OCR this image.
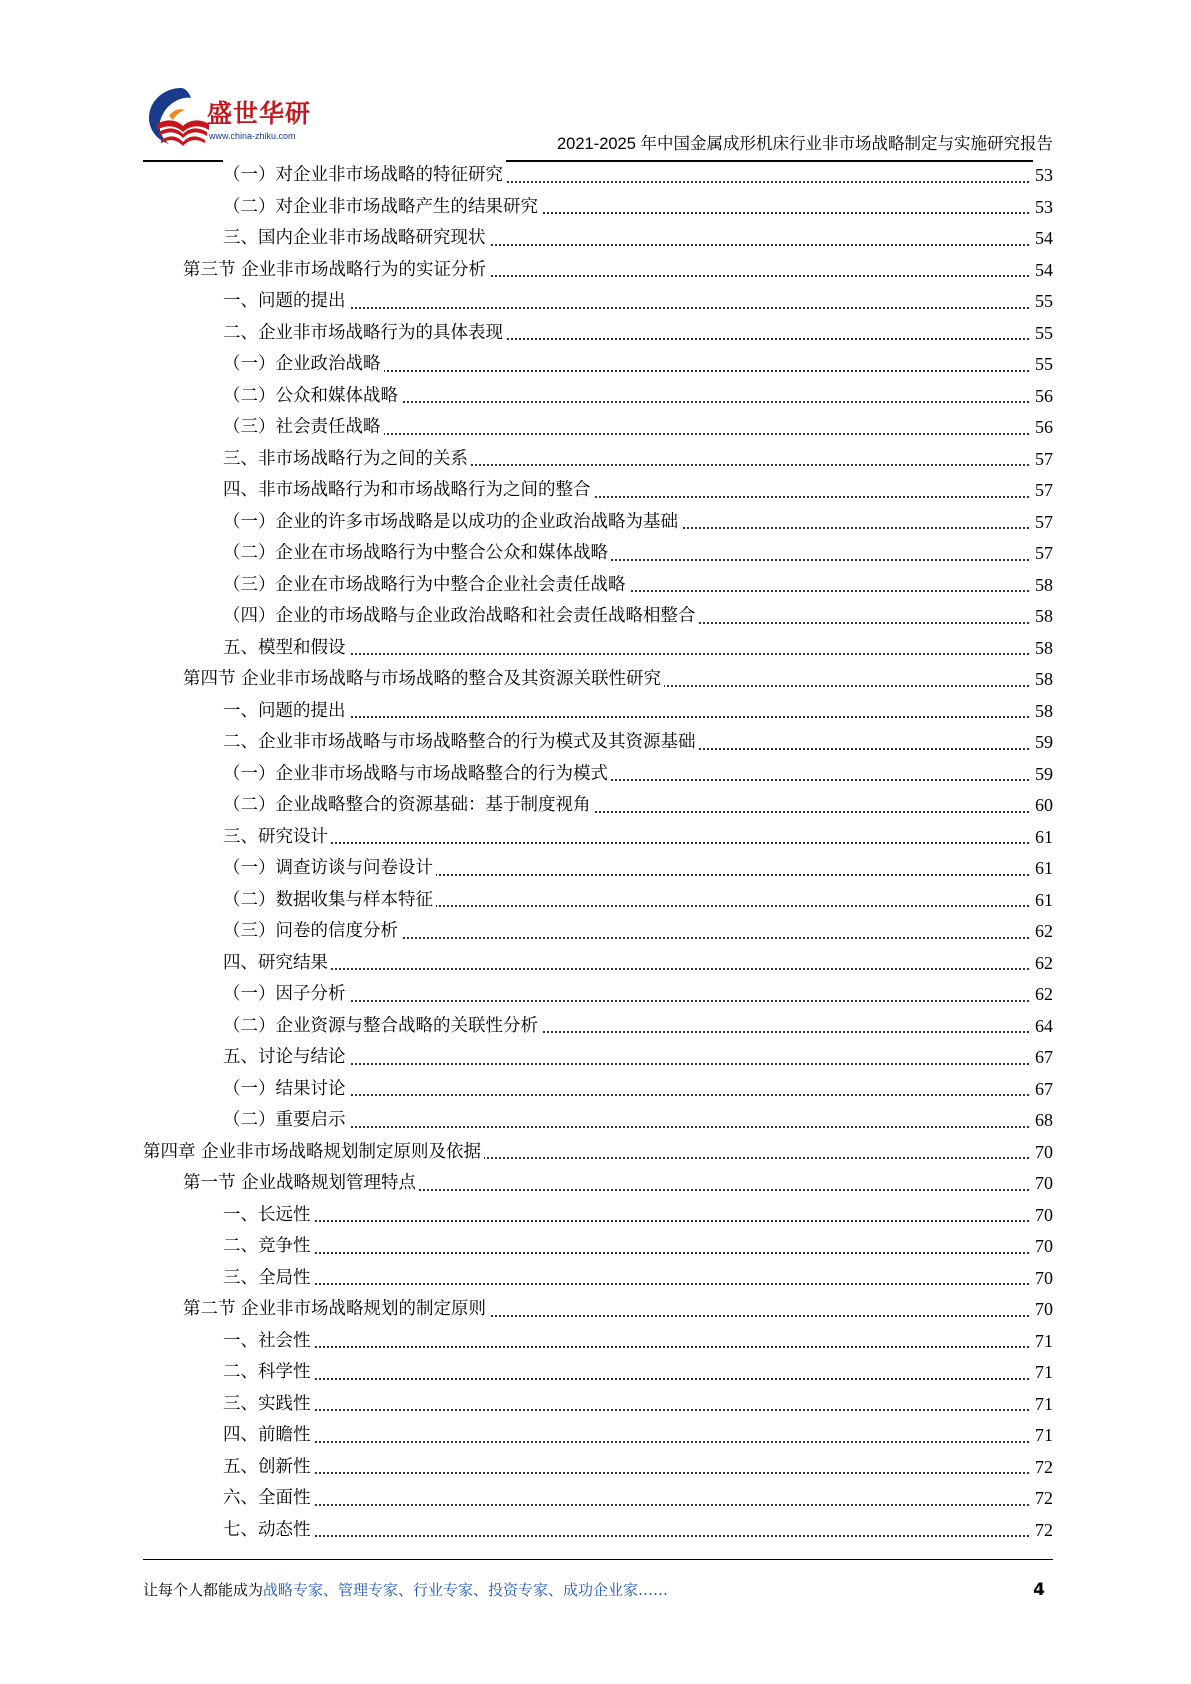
盛世华研
www.china-zhiku.com	2021-2025 年中国金属成形机床行业非市场战略制定与实施研究报告
（一）对企业非市场战略的特征研究	53
（二）对企业非市场战略产生的结果研究	53
三、国内企业非市场战略研究现状	54
第三节 企业非市场战略行为的实证分析	54
一、问题的提出	55
二、企业非市场战略行为的具体表现	55
（一）企业政治战略	55
（二）公众和媒体战略	56
（三）社会责任战略	56
三、非市场战略行为之间的关系	57
四、非市场战略行为和市场战略行为之间的整合	57
（一）企业的许多市场战略是以成功的企业政治战略为基础	57
（二）企业在市场战略行为中整合公众和媒体战略	57
（三）企业在市场战略行为中整合企业社会责任战略	58
（四）企业的市场战略与企业政治战略和社会责任战略相整合	58
五、模型和假设	58
第四节 企业非市场战略与市场战略的整合及其资源关联性研究	58
一、问题的提出	58
二、企业非市场战略与市场战略整合的行为模式及其资源基础	59
（一）企业非市场战略与市场战略整合的行为模式	59
（二）企业战略整合的资源基础：基于制度视角	60
三、研究设计	61
（一）调查访谈与问卷设计	61
（二）数据收集与样本特征	61
（三）问卷的信度分析	62
四、研究结果	62
（一）因子分析	62
（二）企业资源与整合战略的关联性分析	64
五、讨论与结论	67
（一）结果讨论	67
（二）重要启示	68
第四章 企业非市场战略规划制定原则及依据	70
第一节 企业战略规划管理特点	70
一、长远性	70
二、竞争性	70
三、全局性	70
第二节 企业非市场战略规划的制定原则	70
一、社会性	71
二、科学性	71
三、实践性	71
四、前瞻性	71
五、创新性	72
六、全面性	72
七、动态性	72
让每个人都能成为战略专家、管理专家、行业专家、投资专家、成功企业家……	4
